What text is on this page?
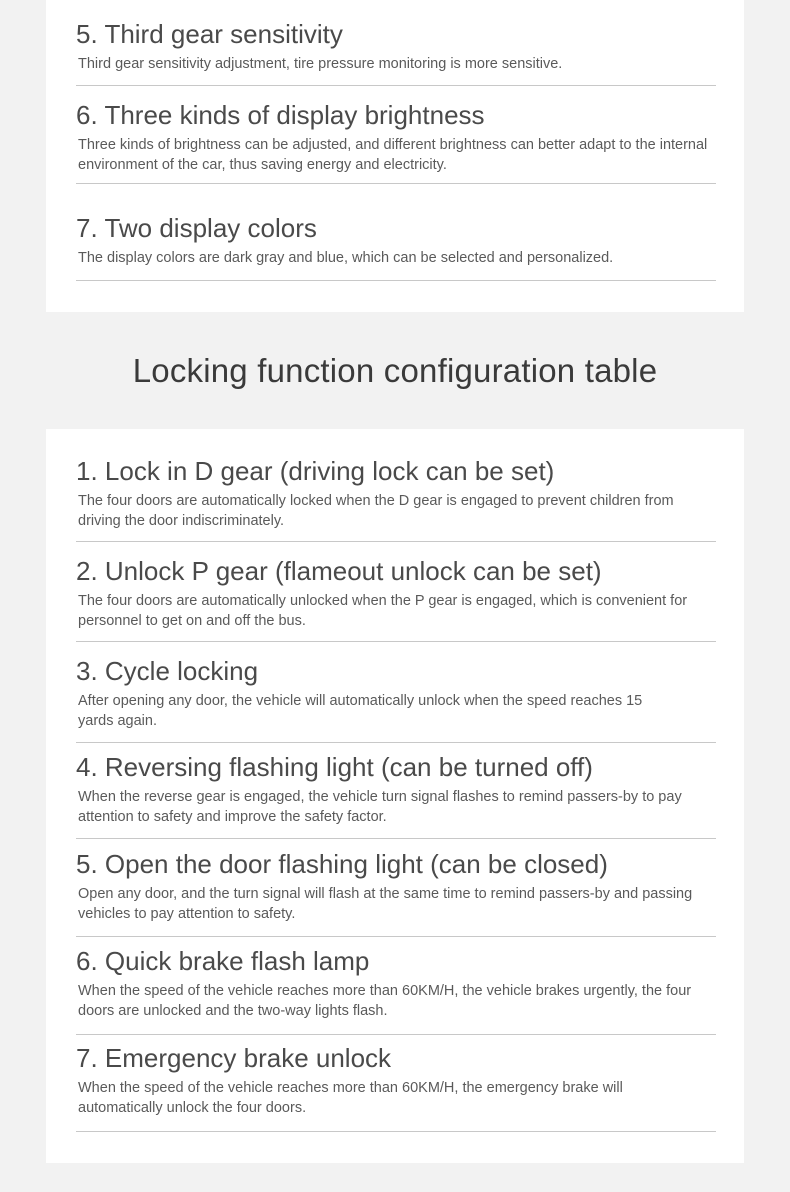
5. Third gear sensitivity

Third gear sensitivity adjustment, tire pressure monitoring is more sensitive.

6. Three kinds of display brightness

Three kinds of brightness can be adjusted, and different brightness can better adapt to the internal environment of the car, thus saving energy and electricity.

7. Two display colors

The display colors are dark gray and blue, which can be selected and personalized.

Locking function configuration table
1. Lock in D gear (driving lock can be set)

The four doors are automatically locked when the D gear is engaged to prevent children from driving the door indiscriminately.

2. Unlock P gear (flameout unlock can be set)

The four doors are automatically unlocked when the P gear is engaged, which is convenient for personnel to get on and off the bus.

3. Cycle locking

After opening any door, the vehicle will automatically unlock when the speed reaches 15 yards again.

4. Reversing flashing light (can be turned off)

When the reverse gear is engaged, the vehicle turn signal flashes to remind passers-by to pay attention to safety and improve the safety factor.

5. Open the door flashing light (can be closed)

Open any door, and the turn signal will flash at the same time to remind passers-by and passing vehicles to pay attention to safety.

6. Quick brake flash lamp

When the speed of the vehicle reaches more than 60KM/H, the vehicle brakes urgently, the four doors are unlocked and the two-way lights flash.

7. Emergency brake unlock

When the speed of the vehicle reaches more than 60KM/H, the emergency brake will automatically unlock the four doors.
